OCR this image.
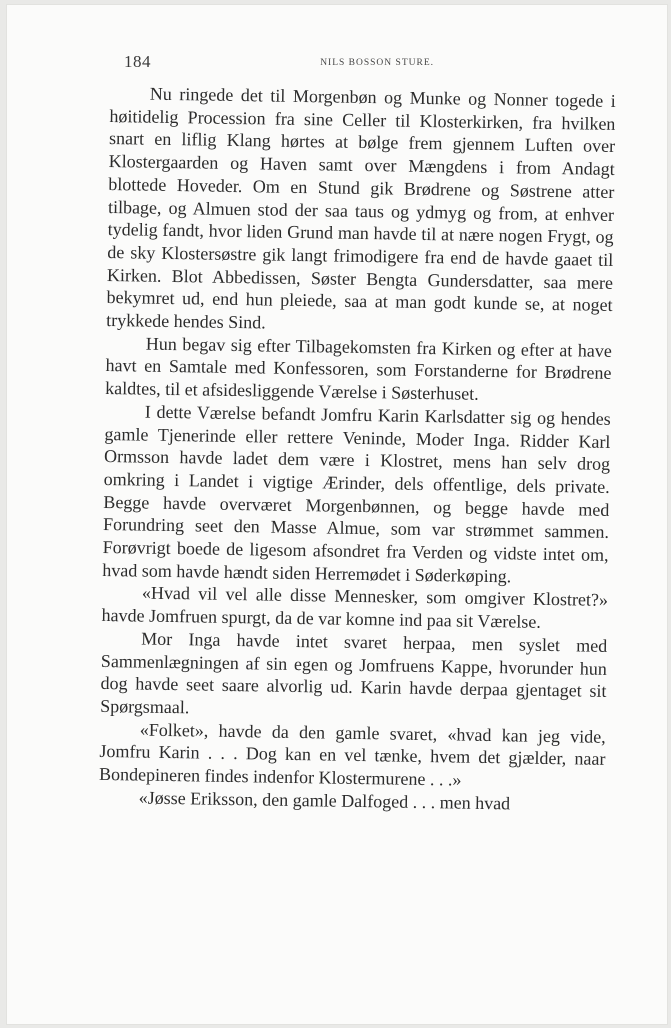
184	NILS BOSSON STURE.

Nu ringede det til Morgenbøn og Munke og Nonner togede i høitidelig Procession fra sine Celler til Klosterkirken, fra hvilken snart en liflig Klang hørtes at bølge frem gjennem Luften over Klostergaarden og Haven samt over Mængdens i from Andagt blottede Hoveder. Om en Stund gik Brødrene og Søstrene atter tilbage, og Almuen stod der saa taus og ydmyg og from, at enhver tydelig fandt, hvor liden Grund man havde til at nære nogen Frygt, og de sky Klostersøstre gik langt frimodigere fra end de havde gaaet til Kirken. Blot Abbedissen, Søster Bengta Gundersdatter, saa mere bekymret ud, end hun pleiede, saa at man godt kunde se, at noget trykkede hendes Sind.

Hun begav sig efter Tilbagekomsten fra Kirken og efter at have havt en Samtale med Konfessoren, som Forstanderne for Brødrene kaldtes, til et afsidesliggende Værelse i Søsterhuset.

I dette Værelse befandt Jomfru Karin Karlsdatter sig og hendes gamle Tjenerinde eller rettere Veninde, Moder Inga. Ridder Karl Ormsson havde ladet dem være i Klostret, mens han selv drog omkring i Landet i vigtige Ærinder, dels offentlige, dels private. Begge havde overværet Morgenbønnen, og begge havde med Forundring seet den Masse Almue, som var strømmet sammen. Forøvrigt boede de ligesom afsondret fra Verden og vidste intet om, hvad som havde hændt siden Herremødet i Søderkøping.

«Hvad vil vel alle disse Mennesker, som omgiver Klostret?» havde Jomfruen spurgt, da de var komne ind paa sit Værelse.

Mor Inga havde intet svaret herpaa, men syslet med Sammenlægningen af sin egen og Jomfruens Kappe, hvorunder hun dog havde seet saare alvorlig ud. Karin havde derpaa gjentaget sit Spørgsmaal.

«Folket», havde da den gamle svaret, «hvad kan jeg vide, Jomfru Karin . . . Dog kan en vel tænke, hvem det gjælder, naar Bondepineren findes indenfor Klostermurene . . .»

«Jøsse Eriksson, den gamle Dalfoged . . . men hvad
